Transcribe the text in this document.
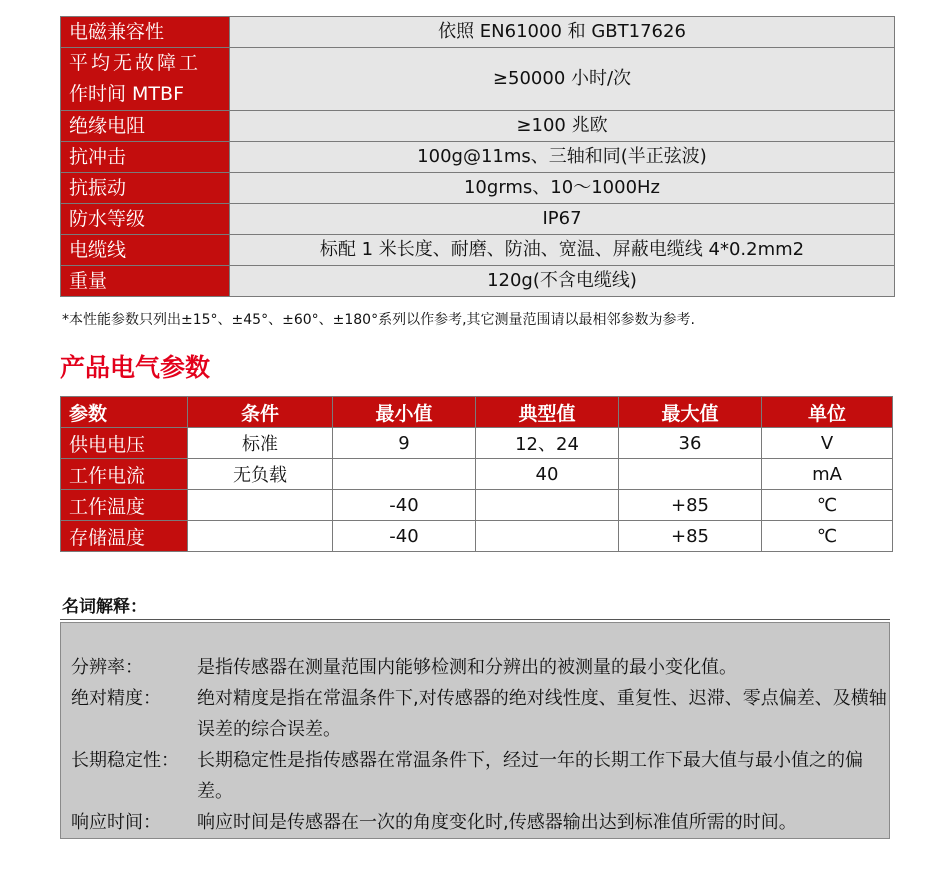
电磁兼容性	依照 EN61000 和 GBT17626
平均无故障工
作时间 MTBF	≥50000 小时/次
绝缘电阻	≥100 兆欧
抗冲击	100g@11ms、三轴和同(半正弦波)
抗振动	10grms、10～1000Hz
防水等级	IP67
电缆线	标配 1 米长度、耐磨、防油、宽温、屏蔽电缆线 4*0.2mm2
重量	120g(不含电缆线)
*本性能参数只列出±15°、±45°、±60°、±180°系列以作参考,其它测量范围请以最相邻参数为参考.
产品电气参数
参数	条件	最小值	典型值	最大值	单位
供电电压	标准	9	12、24	36	V
工作电流	无负载		40		mA
工作温度		-40		+85	℃
存储温度		-40		+85	℃
名词解释：
分辨率：	是指传感器在测量范围内能够检测和分辨出的被测量的最小变化值。
绝对精度： 绝对精度是指在常温条件下,对传感器的绝对线性度、重复性、迟滞、零点偏差、及横轴误差的综合误差。
长期稳定性： 长期稳定性是指传感器在常温条件下，经过一年的长期工作下最大值与最小值之的偏差。
响应时间： 响应时间是传感器在一次的角度变化时,传感器输出达到标准值所需的时间。
